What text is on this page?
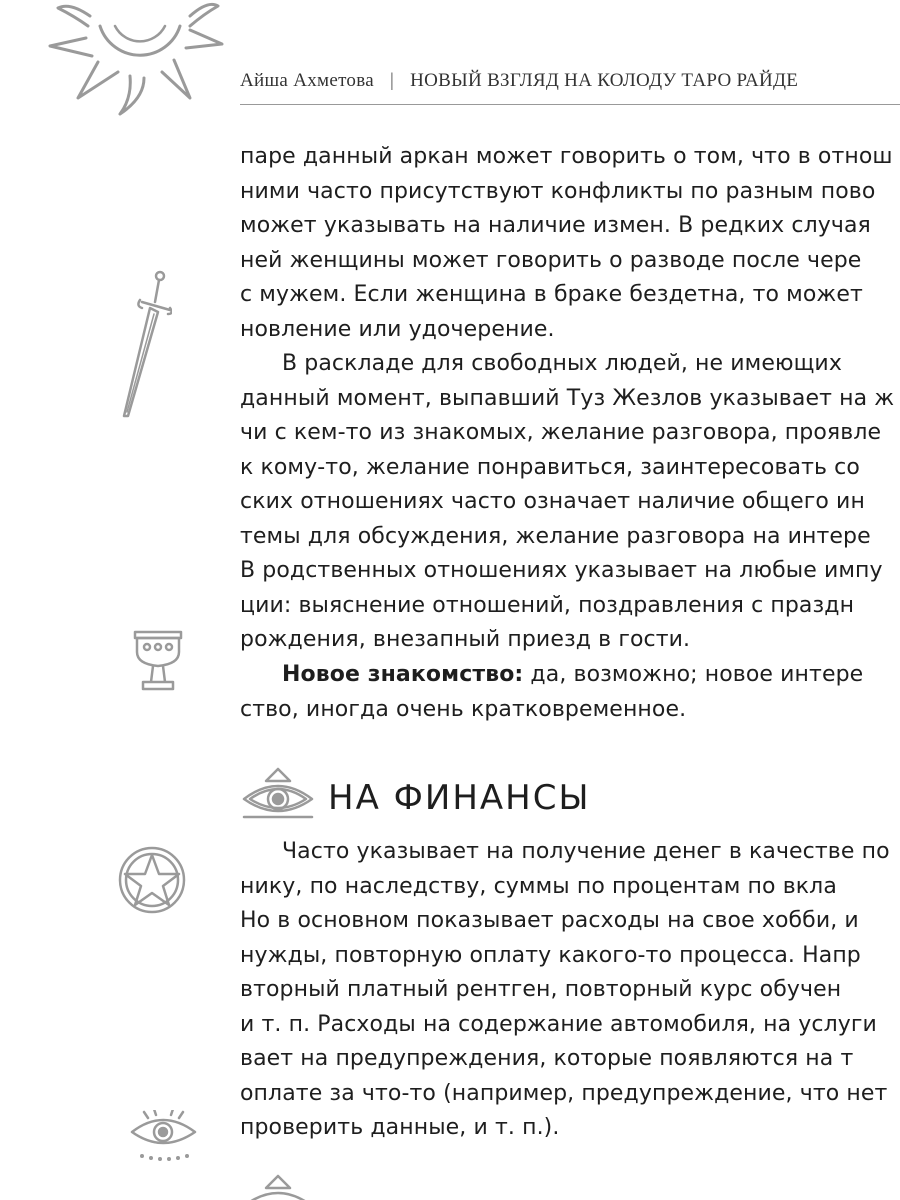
Айша Ахметова | НОВЫЙ ВЗГЛЯД НА КОЛОДУ ТАРО РАЙДЕ
паре данный аркан может говорить о том, что в отнош
ними часто присутствуют конфликты по разным пово
может указывать на наличие измен. В редких случая
ней женщины может говорить о разводе после чере
с мужем. Если женщина в браке бездетна, то может
новление или удочерение.
В раскладе для свободных людей, не имеющих
данный момент, выпавший Туз Жезлов указывает на ж
чи с кем-то из знакомых, желание разговора, проявле
к кому-то, желание понравиться, заинтересовать со
ских отношениях часто означает наличие общего ин
темы для обсуждения, желание разговора на интере
В родственных отношениях указывает на любые импу
ции: выяснение отношений, поздравления с праздн
рождения, внезапный приезд в гости.
Новое знакомство: да, возможно; новое интере
ство, иногда очень кратковременное.
НА ФИНАНСЫ
Часто указывает на получение денег в качестве по
нику, по наследству, суммы по процентам по вкла
Но в основном показывает расходы на свое хобби, и
нужды, повторную оплату какого-то процесса. Напр
вторный платный рентген, повторный курс обучен
и т. п. Расходы на содержание автомобиля, на услуги
вает на предупреждения, которые появляются на т
оплате за что-то (например, предупреждение, что нет
проверить данные, и т. п.).
